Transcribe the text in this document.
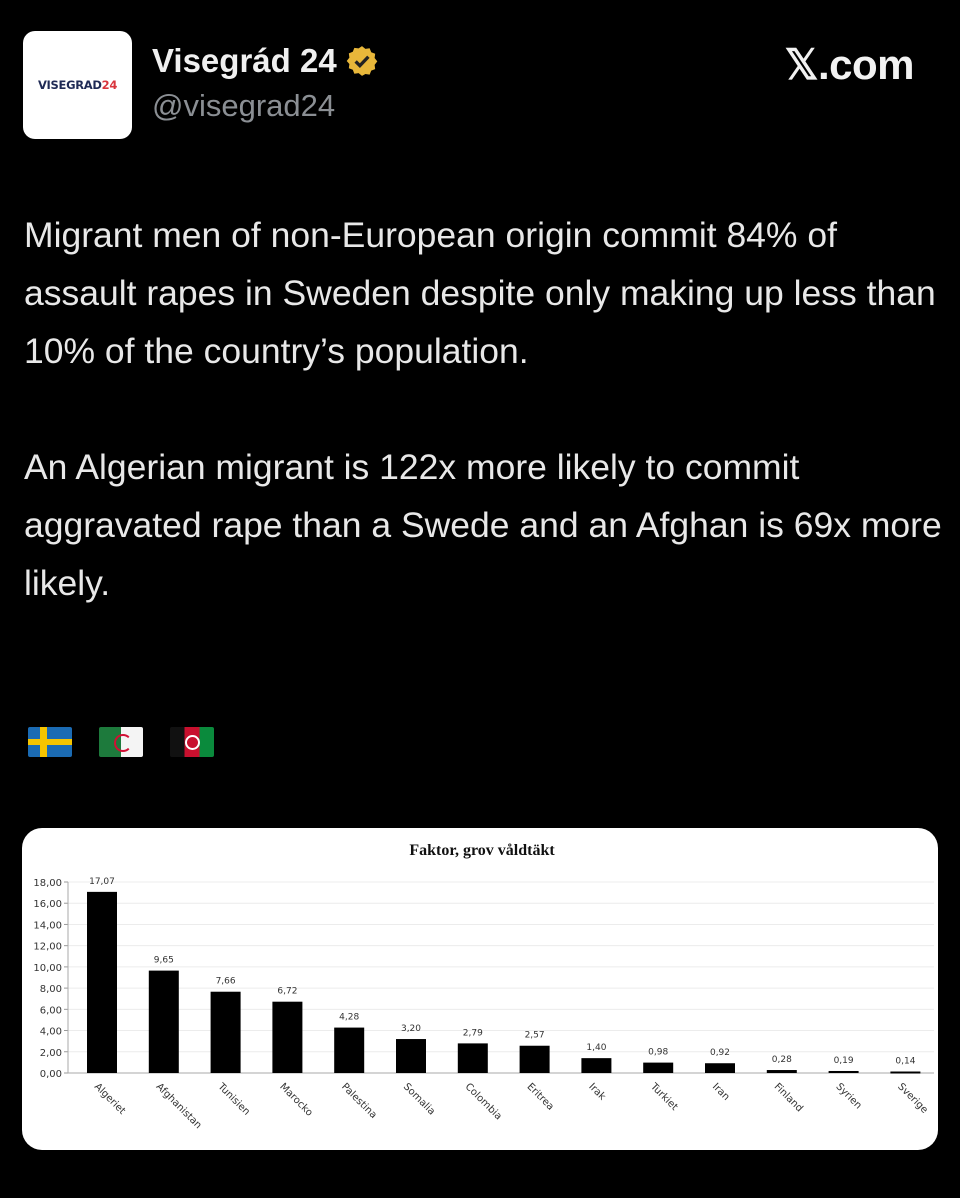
VISEGRAD24
Visegrád 24
@visegrad24
𝕏.com

Migrant men of non-European origin commit 84% of assault rapes in Sweden despite only making up less than 10% of the country’s population.

An Algerian migrant is 122x more likely to commit aggravated rape than a Swede and an Afghan is 69x more likely.

Faktor, grov våldtäkt
0,00
2,00
4,00
6,00
8,00
10,00
12,00
14,00
16,00
18,00	17,07
Algeriet
9,65
Afghanistan
7,66
Tunisien
6,72
Marocko
4,28
Palestina
3,20
Somalia
2,79
Colombia
2,57
Eritrea
1,40
Irak
0,98
Turkiet
0,92
Iran
0,28
Finland
0,19
Syrien
0,14
Sverige
